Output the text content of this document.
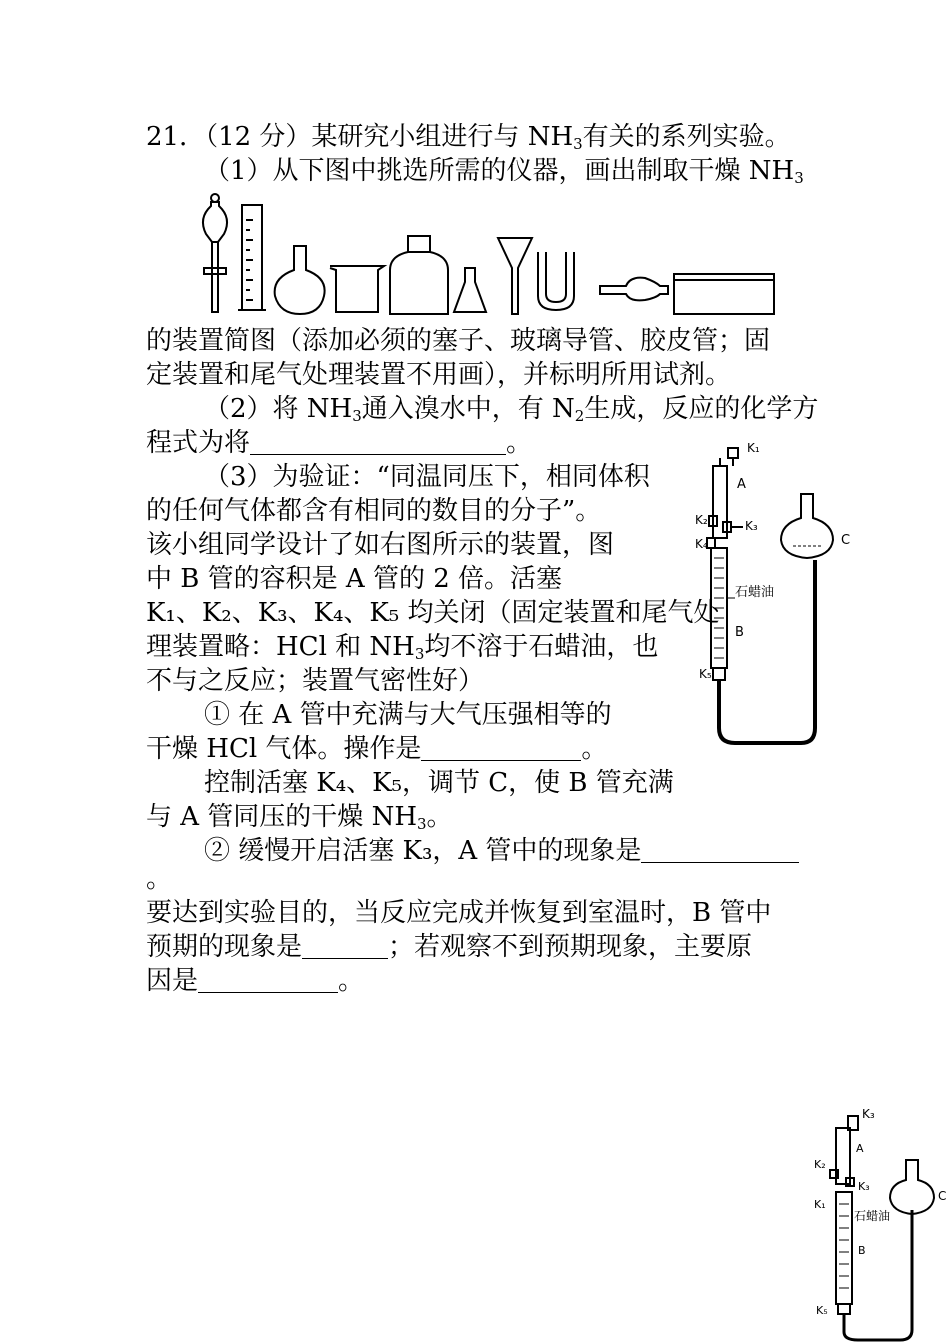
21．（12 分）某研究小组进行与 $NH_3$有关的系列实验。
（1）从下图中挑选所需的仪器，画出制取干燥 $NH_3$
的装置简图（添加必须的塞子、玻璃导管、胶皮管；固
定装置和尾气处理装置不用画），并标明所用试剂。
（2）将 $NH_3$通入溴水中，有 $N_2$生成，反应的化学方
程式为将	。
（3）为验证：“同温同压下，相同体积
的任何气体都含有相同的数目的分子”。
该小组同学设计了如右图所示的装置，图
中 B 管的容积是 A 管的 2 倍。活塞
K₁、K₂、K₃、K₄、K₅ 均关闭（固定装置和尾气处
理装置略：HCl 和 $NH_3$均不溶于石蜡油，也
不与之反应；装置气密性好）
① 在 A 管中充满与大气压强相等的
干燥 HCl 气体。操作是	。
控制活塞 K₄、K₅，调节 C，使 B 管充满
与 A 管同压的干燥 $NH_3$。
② 缓慢开启活塞 K₃，A 管中的现象是
。
要达到实验目的，当反应完成并恢复到室温时，B 管中
预期的现象是	；若观察不到预期现象，主要原
因是	。
K₁
A
K₂	K₃
K₄
石蜡油
B
K₅
C
K₃
A
K₂
K₃
K₁
石蜡油
B
K₅
C
